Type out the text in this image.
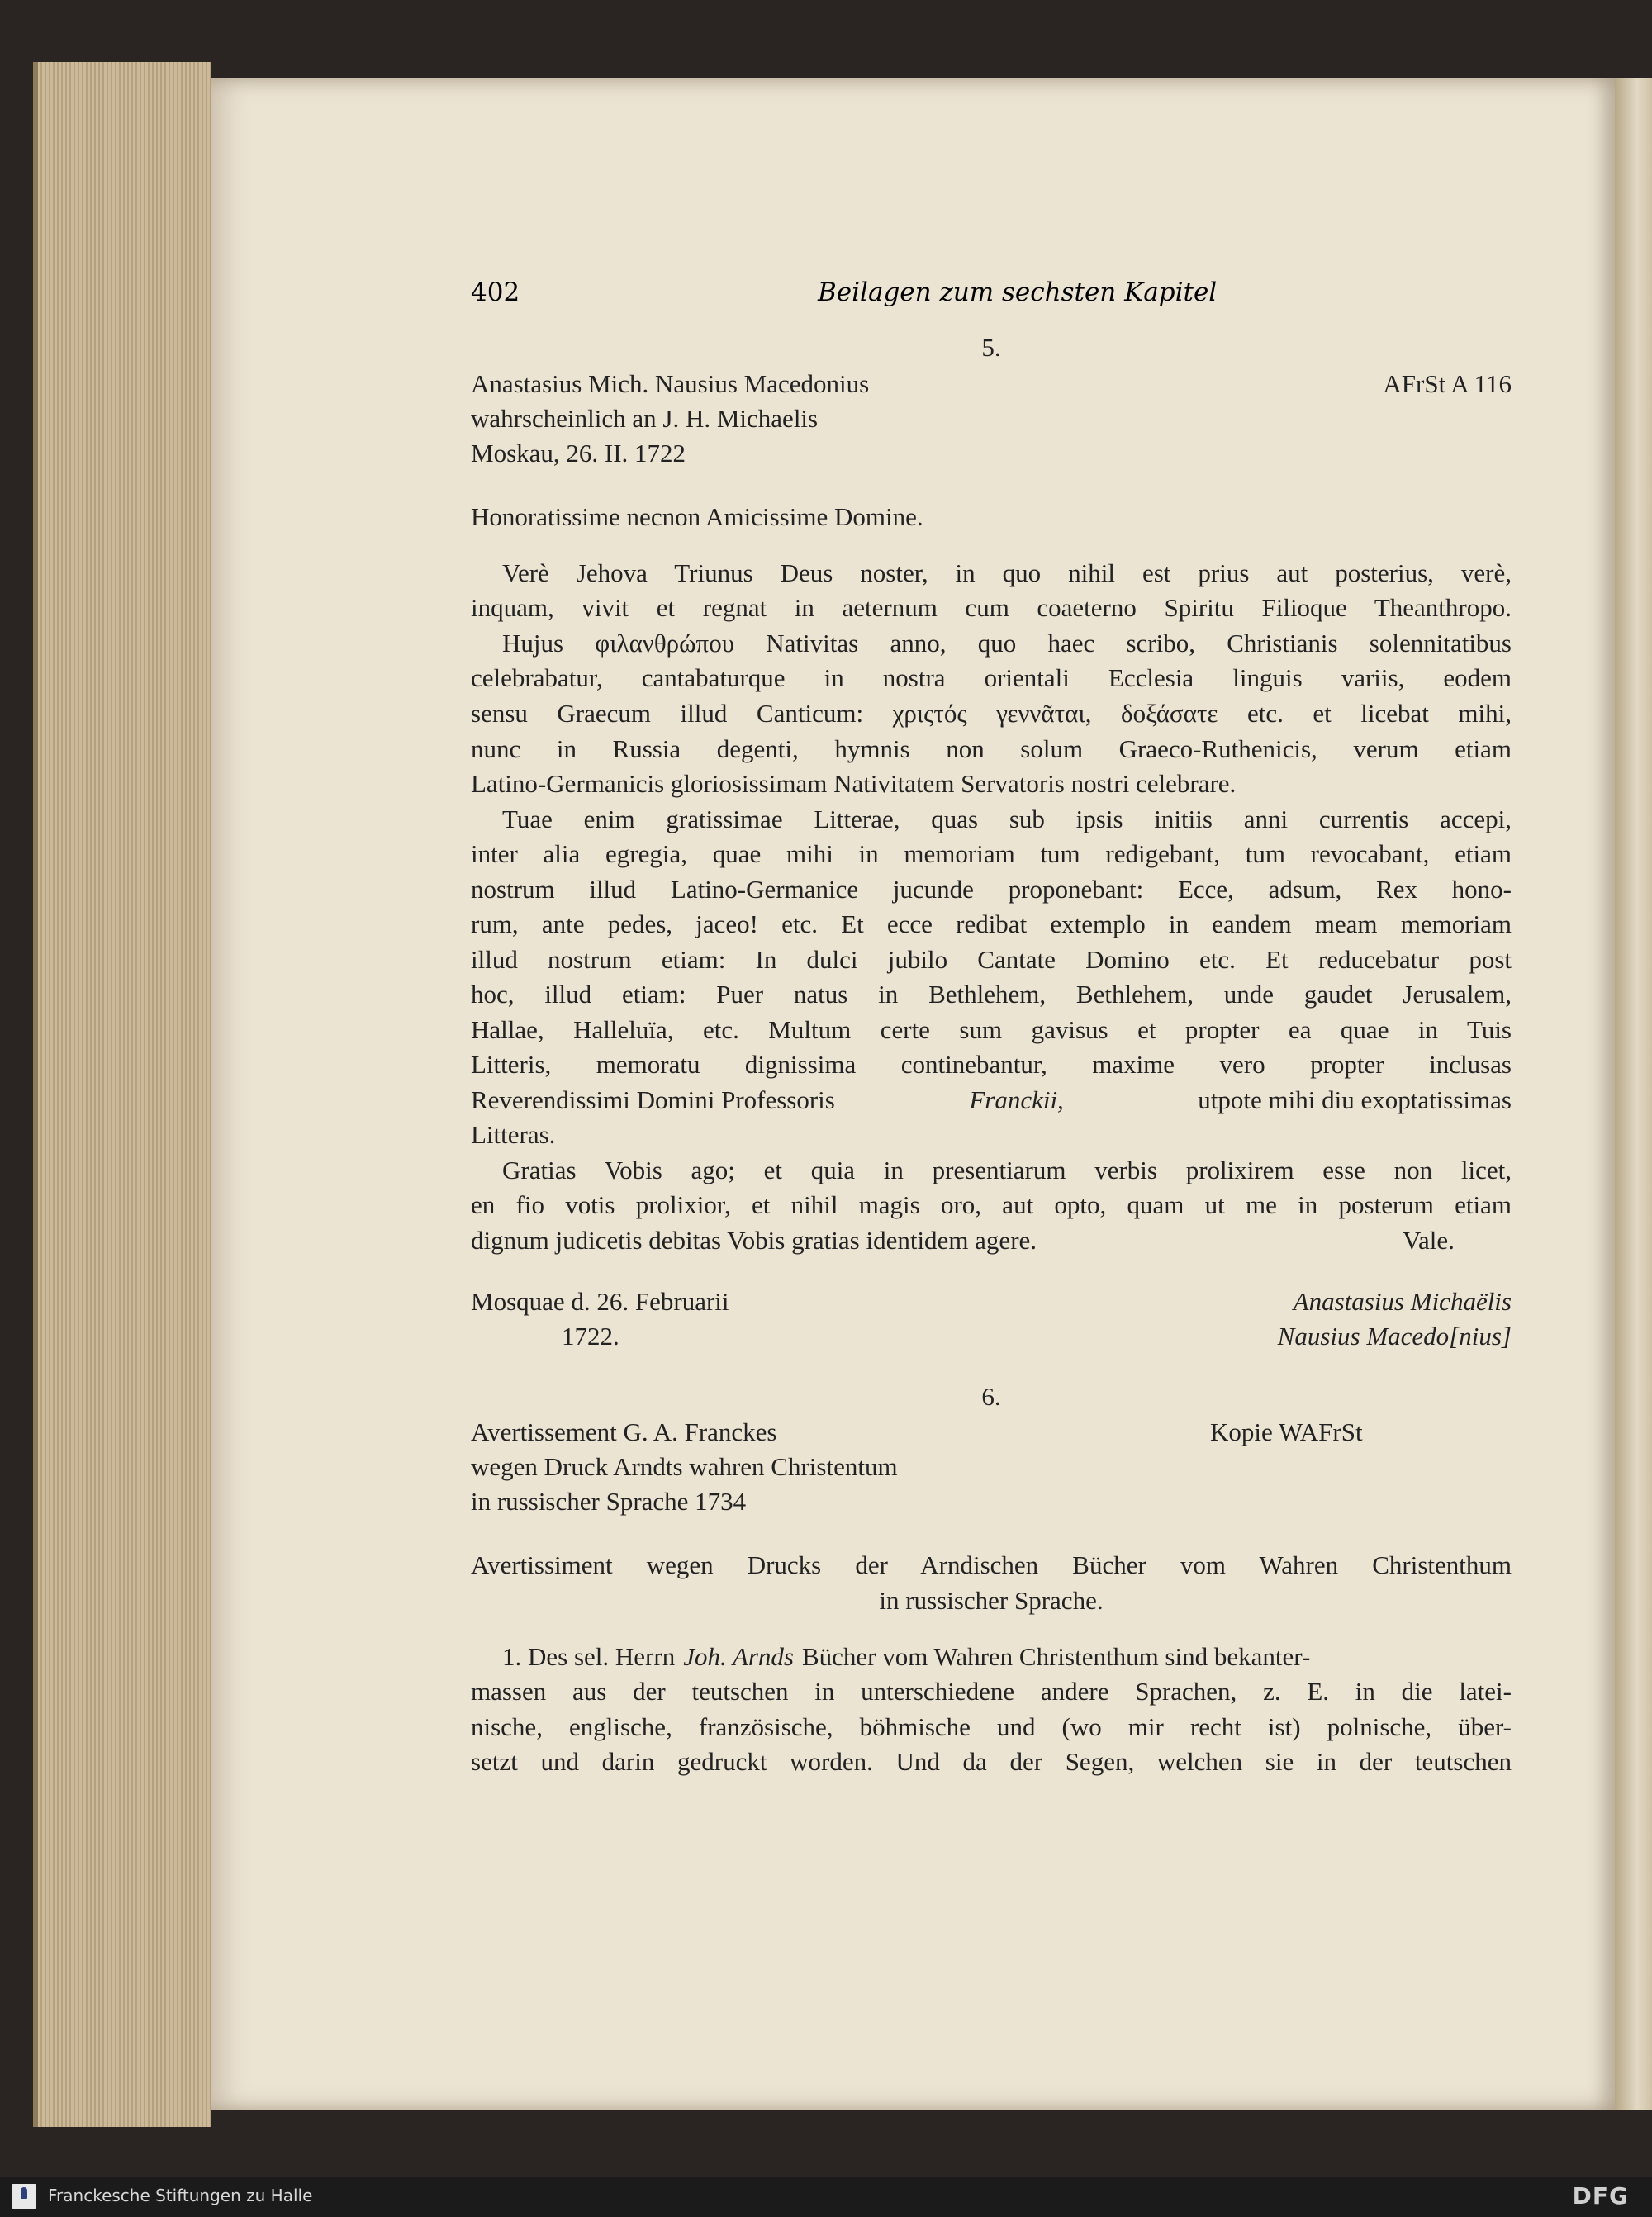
402	Beilagen zum sechsten Kapitel
5.
Anastasius Mich. Nausius Macedonius	AFrSt A 116
wahrscheinlich an J. H. Michaelis
Moskau, 26. II. 1722
Honoratissime necnon Amicissime Domine.
Verè Jehova Triunus Deus noster, in quo nihil est prius aut posterius, verè,
inquam, vivit et regnat in aeternum cum coaeterno Spiritu Filioque Theanthropo.
Hujus φιλανθρώπου Nativitas anno, quo haec scribo, Christianis solennitatibus
celebrabatur, cantabaturque in nostra orientali Ecclesia linguis variis, eodem
sensu Graecum illud Canticum: χριςτός γεννᾶται, δοξάσατε etc. et licebat mihi,
nunc in Russia degenti, hymnis non solum Graeco-Ruthenicis, verum etiam
Latino-Germanicis gloriosissimam Nativitatem Servatoris nostri celebrare.
Tuae enim gratissimae Litterae, quas sub ipsis initiis anni currentis accepi,
inter alia egregia, quae mihi in memoriam tum redigebant, tum revocabant, etiam
nostrum illud Latino-Germanice jucunde proponebant: Ecce, adsum, Rex hono-
rum, ante pedes, jaceo! etc. Et ecce redibat extemplo in eandem meam memoriam
illud nostrum etiam: In dulci jubilo Cantate Domino etc. Et reducebatur post
hoc, illud etiam: Puer natus in Bethlehem, Bethlehem, unde gaudet Jerusalem,
Hallae, Halleluïa, etc. Multum certe sum gavisus et propter ea quae in Tuis
Litteris, memoratu dignissima continebantur, maxime vero propter inclusas
Reverendissimi Domini Professoris	Franckii,	utpote mihi diu exoptatissimas
Litteras.
Gratias Vobis ago; et quia in presentiarum verbis prolixirem esse non licet,
en fio votis prolixior, et nihil magis oro, aut opto, quam ut me in posterum etiam
dignum judicetis debitas Vobis gratias identidem agere.	Vale.
Mosquae d. 26. Februarii	Anastasius Michaëlis
1722.	Nausius Macedo[nius]
6.
Avertissement G. A. Franckes	Kopie WAFrSt
wegen Druck Arndts wahren Christentum
in russischer Sprache 1734
Avertissiment wegen Drucks der Arndischen Bücher vom Wahren Christenthum
in russischer Sprache.
1. Des sel. Herrn Joh. Arnds Bücher vom Wahren Christenthum sind bekanter-
massen aus der teutschen in unterschiedene andere Sprachen, z. E. in die latei-
nische, englische, französische, böhmische und (wo mir recht ist) polnische, über-
setzt und darin gedruckt worden. Und da der Segen, welchen sie in der teutschen
Franckesche Stiftungen zu Halle	DFG
